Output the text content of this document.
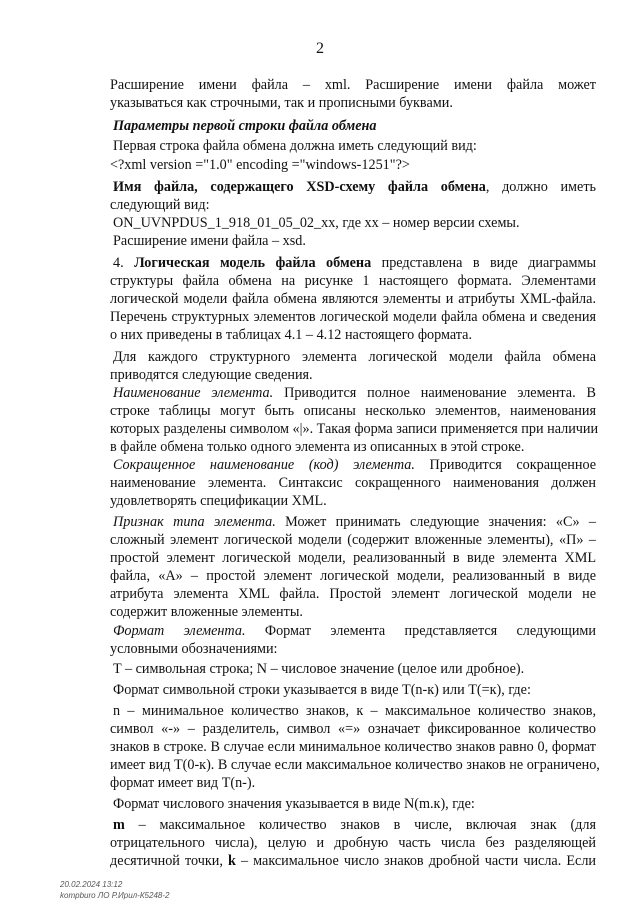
2
Расширение имени файла – xml. Расширение имени файла может
указываться как строчными, так и прописными буквами.
Параметры первой строки файла обмена
Первая строка файла обмена должна иметь следующий вид:
<?xml version ="1.0" encoding ="windows-1251"?>
Имя файла, содержащего XSD-схему файла обмена, должно иметь
следующий вид:
ON_UVNPDUS_1_918_01_05_02_xx, где xx – номер версии схемы.
Расширение имени файла – xsd.
4. Логическая модель файла обмена представлена в виде диаграммы
структуры файла обмена на рисунке 1 настоящего формата. Элементами
логической модели файла обмена являются элементы и атрибуты XML-файла.
Перечень структурных элементов логической модели файла обмена и сведения
о них приведены в таблицах 4.1 – 4.12 настоящего формата.
Для каждого структурного элемента логической модели файла обмена
приводятся следующие сведения.
Наименование элемента. Приводится полное наименование элемента. В
строке таблицы могут быть описаны несколько элементов, наименования
которых разделены символом «|». Такая форма записи применяется при наличии
в файле обмена только одного элемента из описанных в этой строке.
Сокращенное наименование (код) элемента. Приводится сокращенное
наименование элемента. Синтаксис сокращенного наименования должен
удовлетворять спецификации XML.
Признак типа элемента. Может принимать следующие значения: «С» –
сложный элемент логической модели (содержит вложенные элементы), «П» –
простой элемент логической модели, реализованный в виде элемента XML
файла, «А» – простой элемент логической модели, реализованный в виде
атрибута элемента XML файла. Простой элемент логической модели не
содержит вложенные элементы.
Формат элемента. Формат элемента представляется следующими
условными обозначениями:
T – символьная строка; N – числовое значение (целое или дробное).
Формат символьной строки указывается в виде T(n-к) или T(=к), где:
n – минимальное количество знаков, к – максимальное количество знаков,
символ «-» – разделитель, символ «=» означает фиксированное количество
знаков в строке. В случае если минимальное количество знаков равно 0, формат
имеет вид T(0-к). В случае если максимальное количество знаков не ограничено,
формат имеет вид T(n-).
Формат числового значения указывается в виде N(m.к), где:
m – максимальное количество знаков в числе, включая знак (для
отрицательного числа), целую и дробную часть числа без разделяющей
десятичной точки, k – максимальное число знаков дробной части числа. Если
20.02.2024 13:12
kompburo ЛО Р.Ирил-К5248-2
